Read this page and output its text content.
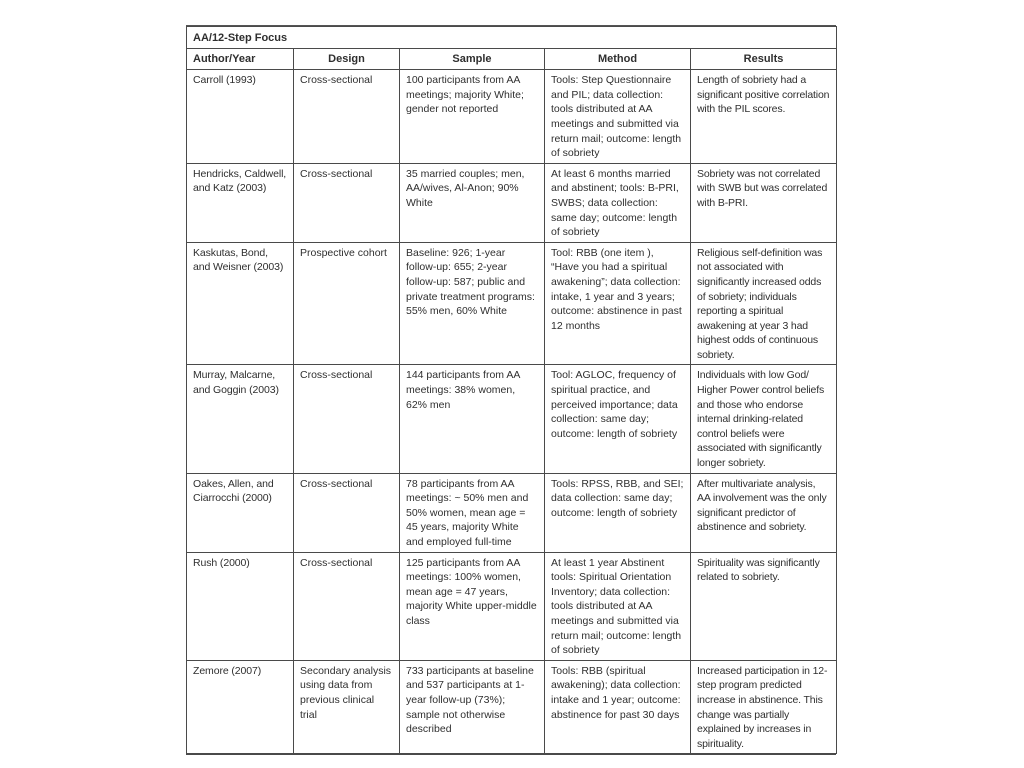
AA/12-Step Focus				
Author/Year	Design	Sample	Method	Results
Carroll (1993)	Cross-sectional	100 participants from AA meetings; majority White; gender not reported	Tools: Step Questionnaire and PIL; data collection: tools distributed at AA meetings and submitted via return mail; outcome: length of sobriety	Length of sobriety had a significant positive correlation with the PIL scores.
Hendricks, Caldwell, and Katz (2003)	Cross-sectional	35 married couples; men, AA/wives, Al-Anon; 90% White	At least 6 months married and abstinent; tools: B-PRI, SWBS; data collection: same day; outcome: length of sobriety	Sobriety was not correlated with SWB but was correlated with B-PRI.
Kaskutas, Bond, and Weisner (2003)	Prospective cohort	Baseline: 926; 1-year follow-up: 655; 2-year follow-up: 587; public and private treatment programs: 55% men, 60% White	Tool: RBB (one item ), “Have you had a spiritual awakening”; data collection: intake, 1 year and 3 years; outcome: abstinence in past 12 months	Religious self-definition was not associated with significantly increased odds of sobriety; individuals reporting a spiritual awakening at year 3 had highest odds of continuous sobriety.
Murray, Malcarne, and Goggin (2003)	Cross-sectional	144 participants from AA meetings: 38% women, 62% men	Tool: AGLOC, frequency of spiritual practice, and perceived importance; data collection: same day; outcome: length of sobriety	Individuals with low God/ Higher Power control beliefs and those who endorse internal drinking-related control beliefs were associated with significantly longer sobriety.
Oakes, Allen, and Ciarrocchi (2000)	Cross-sectional	78 participants from AA meetings: ~ 50% men and 50% women, mean age = 45 years, majority White and employed full-time	Tools: RPSS, RBB, and SEI; data collection: same day; outcome: length of sobriety	After multivariate analysis, AA involvement was the only significant predictor of abstinence and sobriety.
Rush (2000)	Cross-sectional	125 participants from AA meetings: 100% women, mean age = 47 years, majority White upper-middle class	At least 1 year Abstinent tools: Spiritual Orientation Inventory; data collection: tools distributed at AA meetings and submitted via return mail; outcome: length of sobriety	Spirituality was significantly related to sobriety.
Zemore (2007)	Secondary analysis using data from previous clinical trial	733 participants at baseline and 537 participants at 1-year follow-up (73%); sample not otherwise described	Tools: RBB (spiritual awakening); data collection: intake and 1 year; outcome: abstinence for past 30 days	Increased participation in 12-step program predicted increase in abstinence. This change was partially explained by increases in spirituality.
